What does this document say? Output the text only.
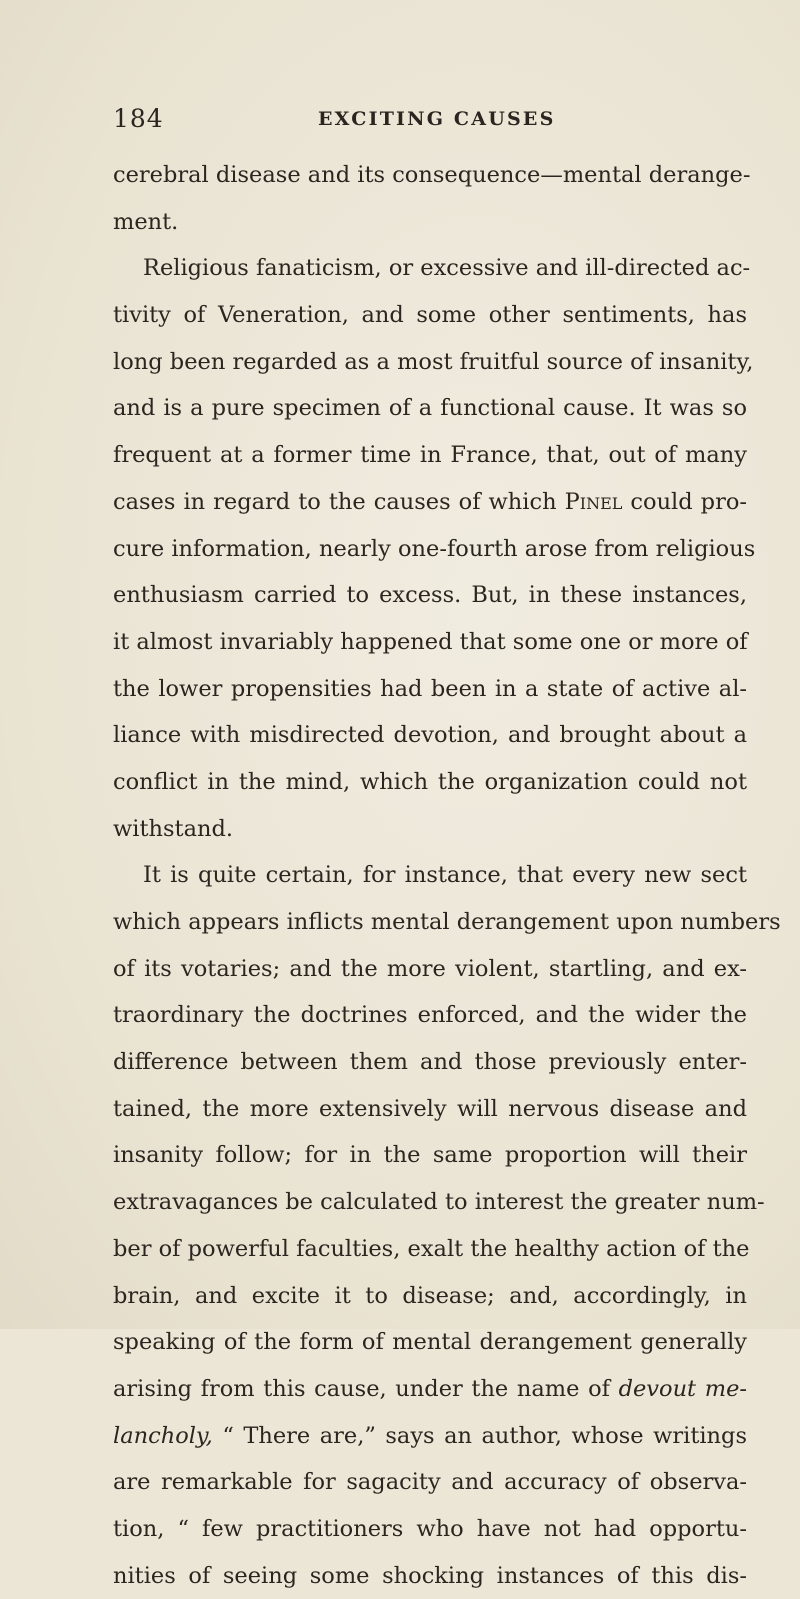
184	EXCITING CAUSES
cerebral disease and its consequence—mental derange-
ment.
Religious fanaticism, or excessive and ill-directed ac-
tivity of Veneration, and some other sentiments, has
long been regarded as a most fruitful source of insanity,
and is a pure specimen of a functional cause. It was so
frequent at a former time in France, that, out of many
cases in regard to the causes of which Pinel could pro-
cure information, nearly one-fourth arose from religious
enthusiasm carried to excess. But, in these instances,
it almost invariably happened that some one or more of
the lower propensities had been in a state of active al-
liance with misdirected devotion, and brought about a
conflict in the mind, which the organization could not
withstand.
It is quite certain, for instance, that every new sect
which appears inflicts mental derangement upon numbers
of its votaries; and the more violent, startling, and ex-
traordinary the doctrines enforced, and the wider the
difference between them and those previously enter-
tained, the more extensively will nervous disease and
insanity follow; for in the same proportion will their
extravagances be calculated to interest the greater num-
ber of powerful faculties, exalt the healthy action of the
brain, and excite it to disease; and, accordingly, in
speaking of the form of mental derangement generally
arising from this cause, under the name of devout me-
lancholy, “ There are,” says an author, whose writings
are remarkable for sagacity and accuracy of observa-
tion, “ few practitioners who have not had opportu-
nities of seeing some shocking instances of this dis-
